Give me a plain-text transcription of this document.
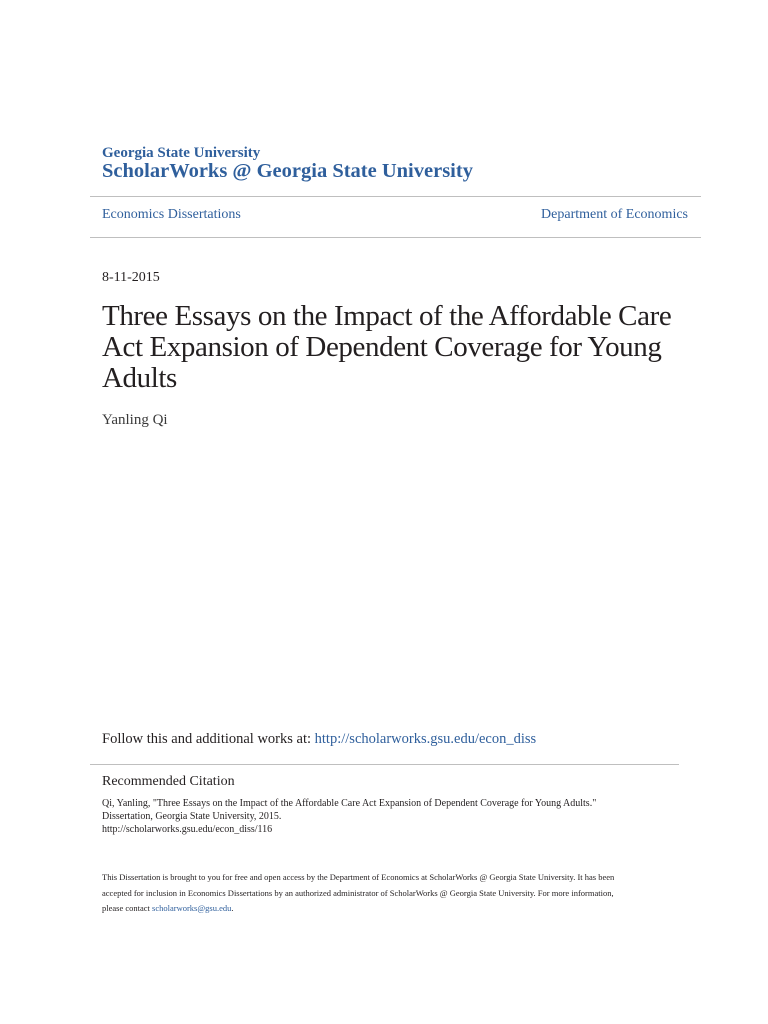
Georgia State University
ScholarWorks @ Georgia State University
Economics Dissertations	Department of Economics
8-11-2015
Three Essays on the Impact of the Affordable Care Act Expansion of Dependent Coverage for Young Adults
Yanling Qi
Follow this and additional works at: http://scholarworks.gsu.edu/econ_diss
Recommended Citation
Qi, Yanling, "Three Essays on the Impact of the Affordable Care Act Expansion of Dependent Coverage for Young Adults."
Dissertation, Georgia State University, 2015.
http://scholarworks.gsu.edu/econ_diss/116
This Dissertation is brought to you for free and open access by the Department of Economics at ScholarWorks @ Georgia State University. It has been
accepted for inclusion in Economics Dissertations by an authorized administrator of ScholarWorks @ Georgia State University. For more information,
please contact scholarworks@gsu.edu.
